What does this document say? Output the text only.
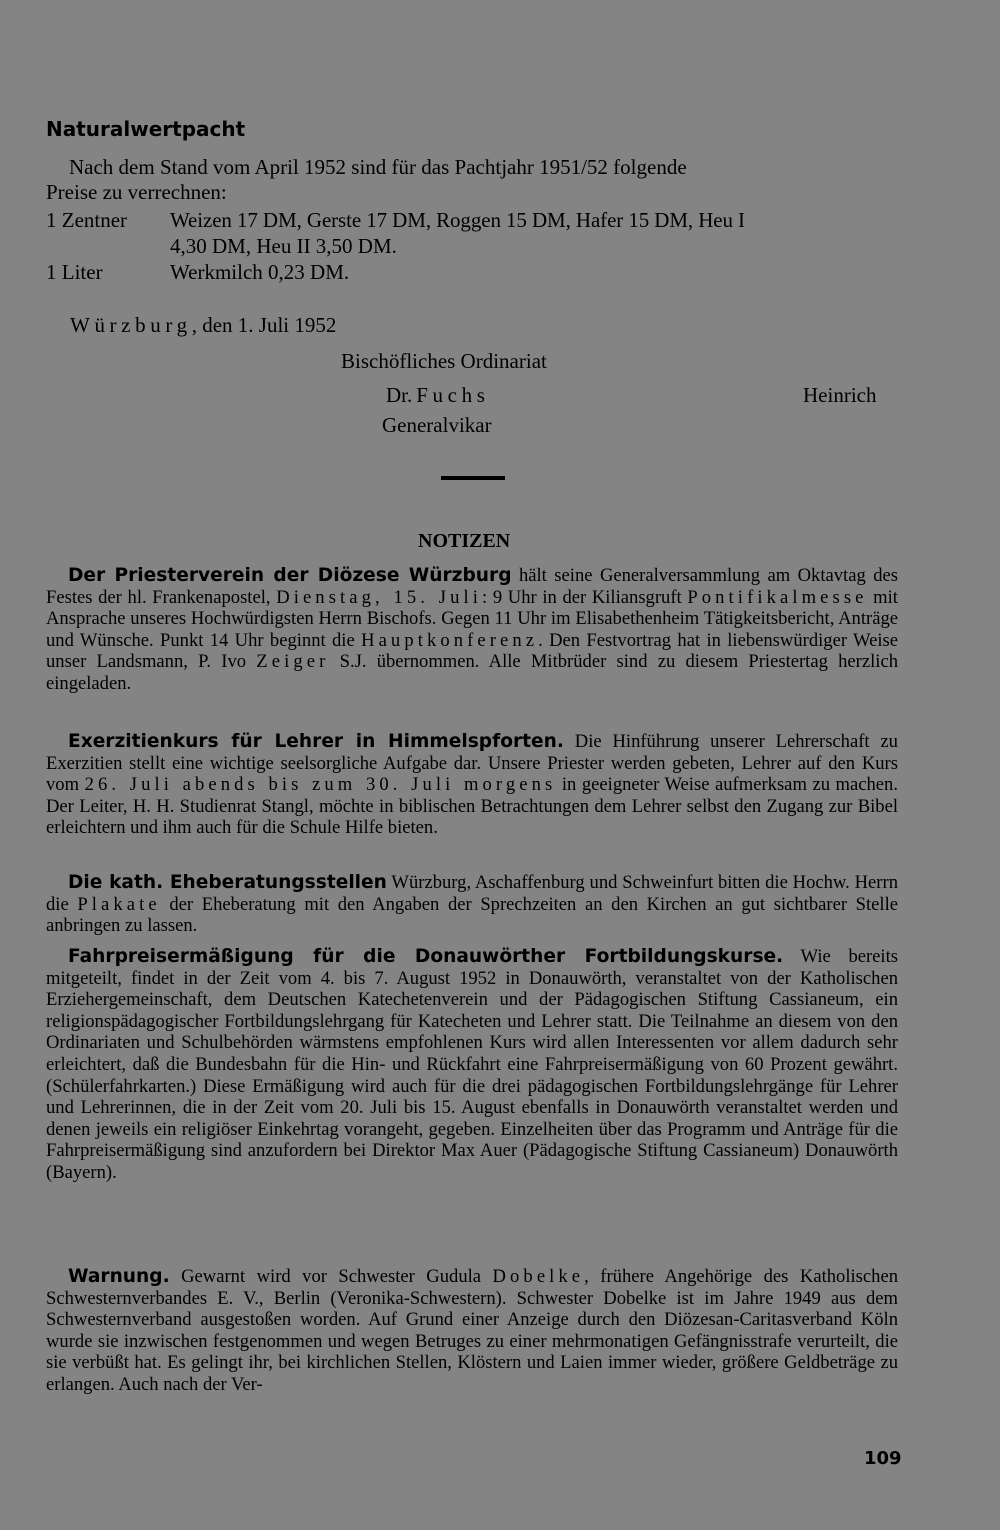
Naturalwertpacht
Nach dem Stand vom April 1952 sind für das Pachtjahr 1951/52 folgende
Preise zu verrechnen:
1 Zentner Weizen 17 DM, Gerste 17 DM, Roggen 15 DM, Hafer 15 DM, Heu I
4,30 DM, Heu II 3,50 DM.
1 Liter	Werkmilch 0,23 DM.
Würzburg, den 1. Juli 1952
Bischöfliches Ordinariat
Dr. Fuchs	Heinrich
Generalvikar
NOTIZEN
Der Priesterverein der Diözese Würzburg hält seine Generalversammlung am Oktavtag des Festes der hl. Frankenapostel, Dienstag, 15. Juli: 9 Uhr in der Kiliansgruft Pontifikalmesse mit Ansprache unseres Hochwürdigsten Herrn Bischofs. Gegen 11 Uhr im Elisabethenheim Tätigkeitsbericht, Anträge und Wünsche. Punkt 14 Uhr beginnt die Hauptkonferenz. Den Festvortrag hat in liebenswürdiger Weise unser Landsmann, P. Ivo Zeiger S.J. übernommen. Alle Mitbrüder sind zu diesem Priestertag herzlich eingeladen.
Exerzitienkurs für Lehrer in Himmelspforten. Die Hinführung unserer Lehrerschaft zu Exerzitien stellt eine wichtige seelsorgliche Aufgabe dar. Unsere Priester werden gebeten, Lehrer auf den Kurs vom 26. Juli abends bis zum 30. Juli morgens in geeigneter Weise aufmerksam zu machen. Der Leiter, H. H. Studienrat Stangl, möchte in biblischen Betrachtungen dem Lehrer selbst den Zugang zur Bibel erleichtern und ihm auch für die Schule Hilfe bieten.
Die kath. Eheberatungsstellen Würzburg, Aschaffenburg und Schweinfurt bitten die Hochw. Herrn die Plakate der Eheberatung mit den Angaben der Sprechzeiten an den Kirchen an gut sichtbarer Stelle anbringen zu lassen.
Fahrpreisermäßigung für die Donauwörther Fortbildungskurse. Wie bereits mitgeteilt, findet in der Zeit vom 4. bis 7. August 1952 in Donauwörth, veranstaltet von der Katholischen Erziehergemeinschaft, dem Deutschen Katechetenverein und der Pädagogischen Stiftung Cassianeum, ein religionspädagogischer Fortbildungslehrgang für Katecheten und Lehrer statt. Die Teilnahme an diesem von den Ordinariaten und Schulbehörden wärmstens empfohlenen Kurs wird allen Interessenten vor allem dadurch sehr erleichtert, daß die Bundesbahn für die Hin- und Rückfahrt eine Fahrpreisermäßigung von 60 Prozent gewährt. (Schülerfahrkarten.) Diese Ermäßigung wird auch für die drei pädagogischen Fortbildungslehrgänge für Lehrer und Lehrerinnen, die in der Zeit vom 20. Juli bis 15. August ebenfalls in Donauwörth veranstaltet werden und denen jeweils ein religiöser Einkehrtag vorangeht, gegeben. Einzelheiten über das Programm und Anträge für die Fahrpreisermäßigung sind anzufordern bei Direktor Max Auer (Pädagogische Stiftung Cassianeum) Donauwörth (Bayern).
Warnung. Gewarnt wird vor Schwester Gudula Dobelke, frühere Angehörige des Katholischen Schwesternverbandes E. V., Berlin (Veronika-Schwestern). Schwester Dobelke ist im Jahre 1949 aus dem Schwesternverband ausgestoßen worden. Auf Grund einer Anzeige durch den Diözesan-Caritasverband Köln wurde sie inzwischen festgenommen und wegen Betruges zu einer mehrmonatigen Gefängnisstrafe verurteilt, die sie verbüßt hat. Es gelingt ihr, bei kirchlichen Stellen, Klöstern und Laien immer wieder, größere Geldbeträge zu erlangen. Auch nach der Ver-
109
